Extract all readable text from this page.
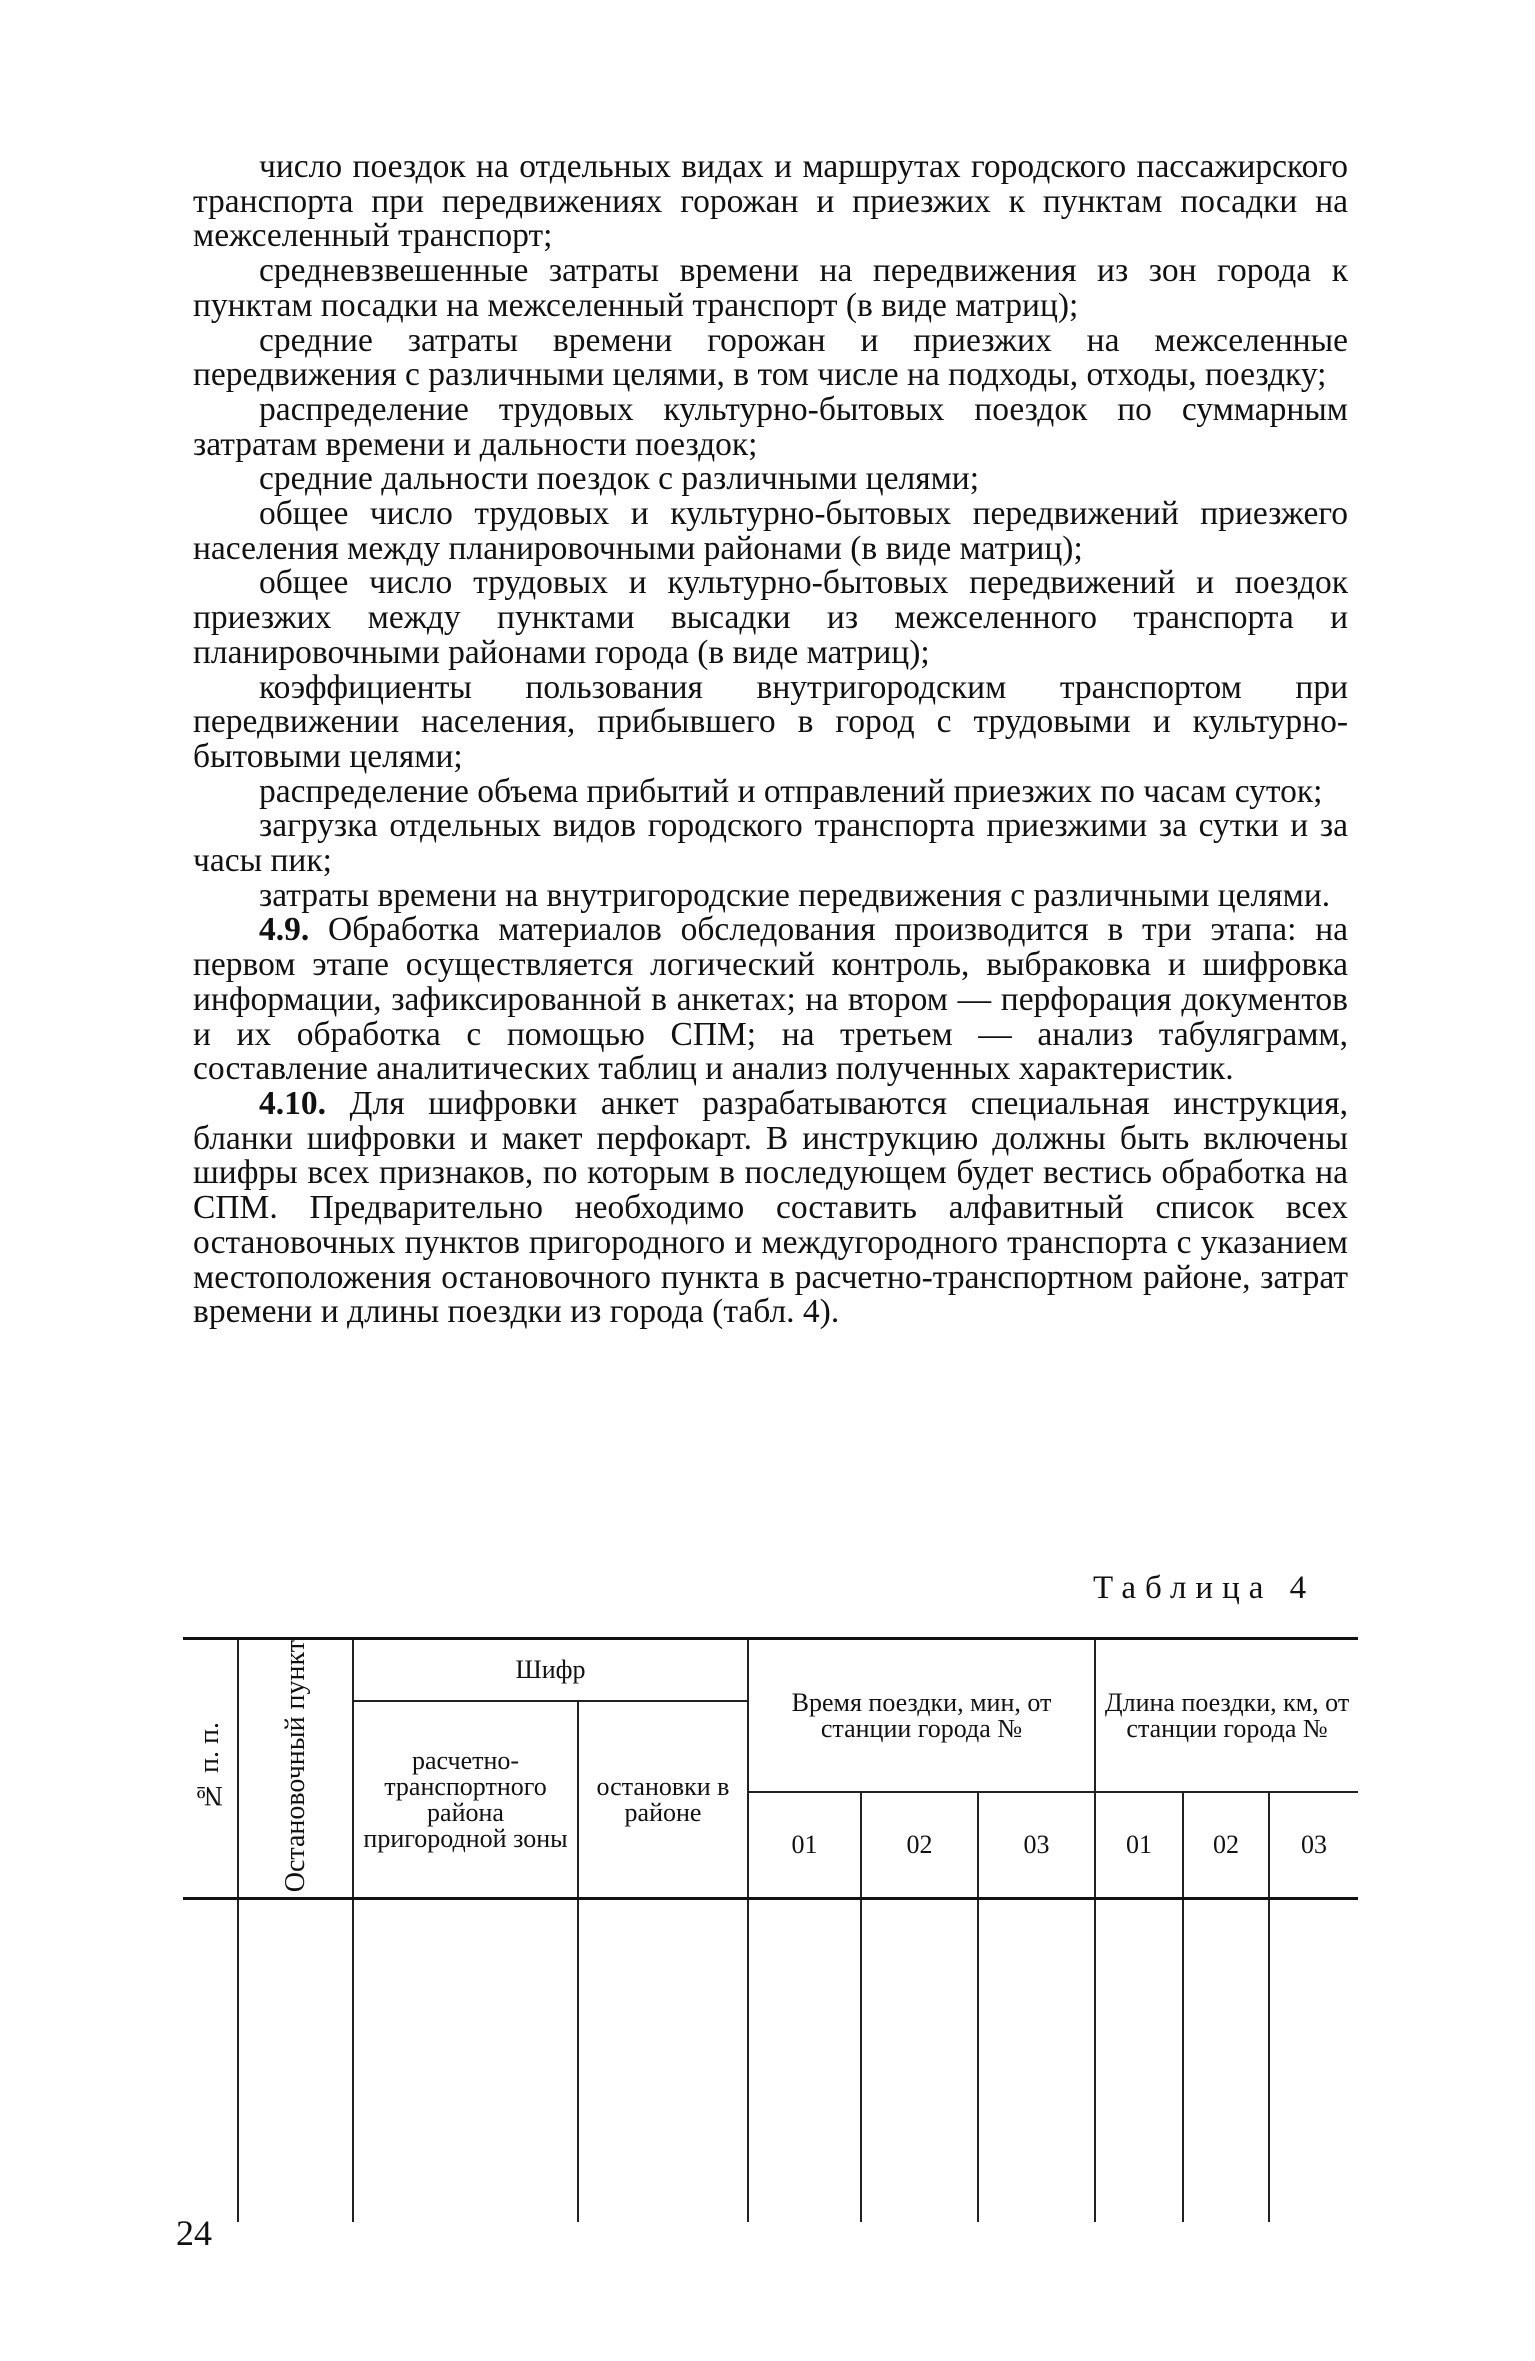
число поездок на отдельных видах и маршрутах городского пассажирского транспорта при передвижениях горожан и приезжих к пунктам посадки на межселенный транспорт;

средневзвешенные затраты времени на передвижения из зон города к пунктам посадки на межселенный транспорт (в виде матриц);

средние затраты времени горожан и приезжих на межселенные передвижения с различными целями, в том числе на подходы, отходы, поездку;

распределение трудовых культурно-бытовых поездок по суммарным затратам времени и дальности поездок;

средние дальности поездок с различными целями;

общее число трудовых и культурно-бытовых передвижений приезжего населения между планировочными районами (в виде матриц);

общее число трудовых и культурно-бытовых передвижений и поездок приезжих между пунктами высадки из межселенного транспорта и планировочными районами города (в виде матриц);

коэффициенты пользования внутригородским транспортом при передвижении населения, прибывшего в город с трудовыми и культурно-бытовыми целями;

распределение объема прибытий и отправлений приезжих по часам суток;

загрузка отдельных видов городского транспорта приезжими за сутки и за часы пик;

затраты времени на внутригородские передвижения с различными целями.

4.9. Обработка материалов обследования производится в три этапа: на первом этапе осуществляется логический контроль, выбраковка и шифровка информации, зафиксированной в анкетах; на втором — перфорация документов и их обработка с помощью СПМ; на третьем — анализ табуляграмм, составление аналитических таблиц и анализ полученных характеристик.

4.10. Для шифровки анкет разрабатываются специальная инструкция, бланки шифровки и макет перфокарт. В инструкцию должны быть включены шифры всех признаков, по которым в последующем будет вестись обработка на СПМ. Предварительно необходимо составить алфавитный список всех остановочных пунктов пригородного и междугородного транспорта с указанием местоположения остановочного пункта в расчетно-транспортном районе, затрат времени и длины поездки из города (табл. 4).

Таблица 4
№ п. п.	Остановочный пункт	Шифр		Время поездки, мин, от станции города №			Длина поездки, км, от станции города №		
		расчетно-транспортного района пригородной зоны	остановки в районе						
				01	02	03	01	02	03

24
